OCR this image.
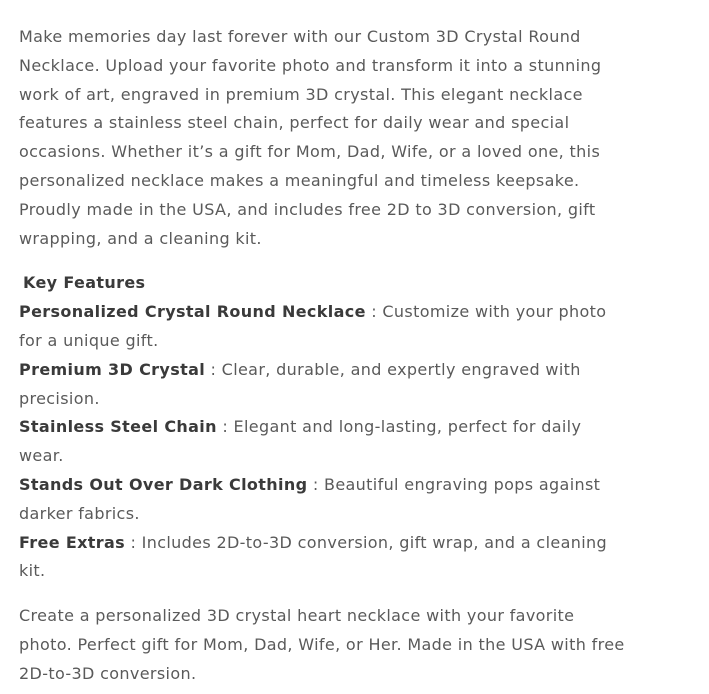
Make memories day last forever with our Custom 3D Crystal Round Necklace. Upload your favorite photo and transform it into a stunning work of art, engraved in premium 3D crystal. This elegant necklace features a stainless steel chain, perfect for daily wear and special occasions. Whether it’s a gift for Mom, Dad, Wife, or a loved one, this personalized necklace makes a meaningful and timeless keepsake. Proudly made in the USA, and includes free 2D to 3D conversion, gift wrapping, and a cleaning kit.

Key Features

Personalized Crystal Round Necklace : Customize with your photo for a unique gift.

Premium 3D Crystal : Clear, durable, and expertly engraved with precision.

Stainless Steel Chain : Elegant and long-lasting, perfect for daily wear.

Stands Out Over Dark Clothing : Beautiful engraving pops against darker fabrics.

Free Extras : Includes 2D-to-3D conversion, gift wrap, and a cleaning kit.

Create a personalized 3D crystal heart necklace with your favorite photo. Perfect gift for Mom, Dad, Wife, or Her. Made in the USA with free 2D-to-3D conversion.
